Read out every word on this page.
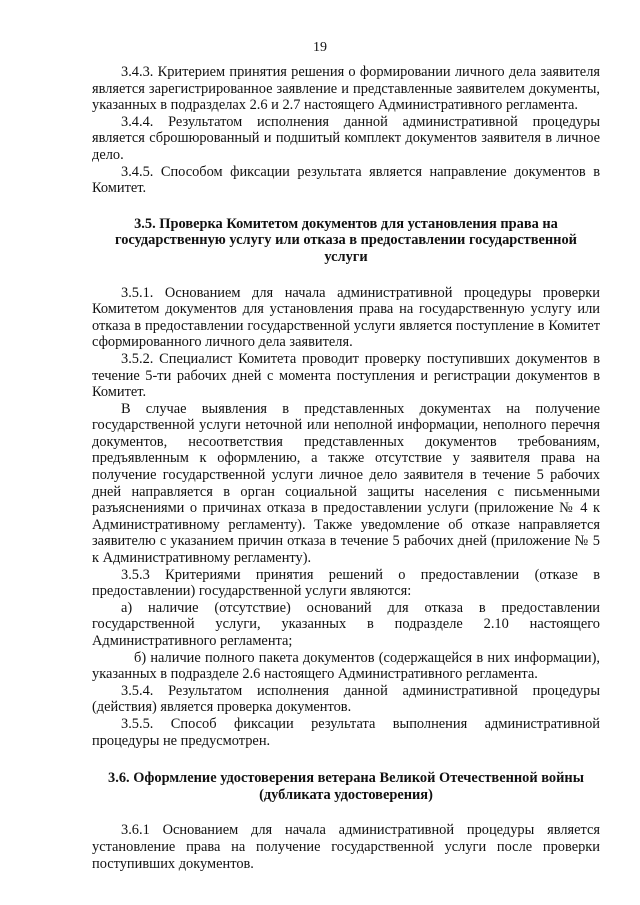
19

3.4.3. Критерием принятия решения о формировании личного дела заявителя является зарегистрированное заявление и представленные заявителем документы, указанных в подразделах 2.6 и 2.7 настоящего Административного регламента.

3.4.4. Результатом исполнения данной административной процедуры является сброшюрованный и подшитый комплект документов заявителя в личное дело.

3.4.5. Способом фиксации результата является направление документов в Комитет.

3.5. Проверка Комитетом документов для установления права на государственную услугу или отказа в предоставлении государственной услуги

3.5.1. Основанием для начала административной процедуры проверки Комитетом документов для установления права на государственную услугу или отказа в предоставлении государственной услуги является поступление в Комитет сформированного личного дела заявителя.

3.5.2. Специалист Комитета проводит проверку поступивших документов в течение 5-ти рабочих дней с момента поступления и регистрации документов в Комитет.

В случае выявления в представленных документах на получение государственной услуги неточной или неполной информации, неполного перечня документов, несоответствия представленных документов требованиям, предъявленным к оформлению, а также отсутствие у заявителя права на получение государственной услуги личное дело заявителя в течение 5 рабочих дней направляется в орган социальной защиты населения с письменными разъяснениями о причинах отказа в предоставлении услуги (приложение № 4 к Административному регламенту). Также уведомление об отказе направляется заявителю с указанием причин отказа в течение 5 рабочих дней (приложение № 5 к Административному регламенту).

3.5.3 Критериями принятия решений о предоставлении (отказе в предоставлении) государственной услуги являются:

а) наличие (отсутствие) оснований для отказа в предоставлении государственной услуги, указанных в подразделе 2.10 настоящего Административного регламента;

б) наличие полного пакета документов (содержащейся в них информации), указанных в подразделе 2.6 настоящего Административного регламента.

3.5.4. Результатом исполнения данной административной процедуры (действия) является проверка документов.

3.5.5. Способ фиксации результата выполнения административной процедуры не предусмотрен.

3.6. Оформление удостоверения ветерана Великой Отечественной войны (дубликата удостоверения)

3.6.1 Основанием для начала административной процедуры является установление права на получение государственной услуги после проверки поступивших документов.
